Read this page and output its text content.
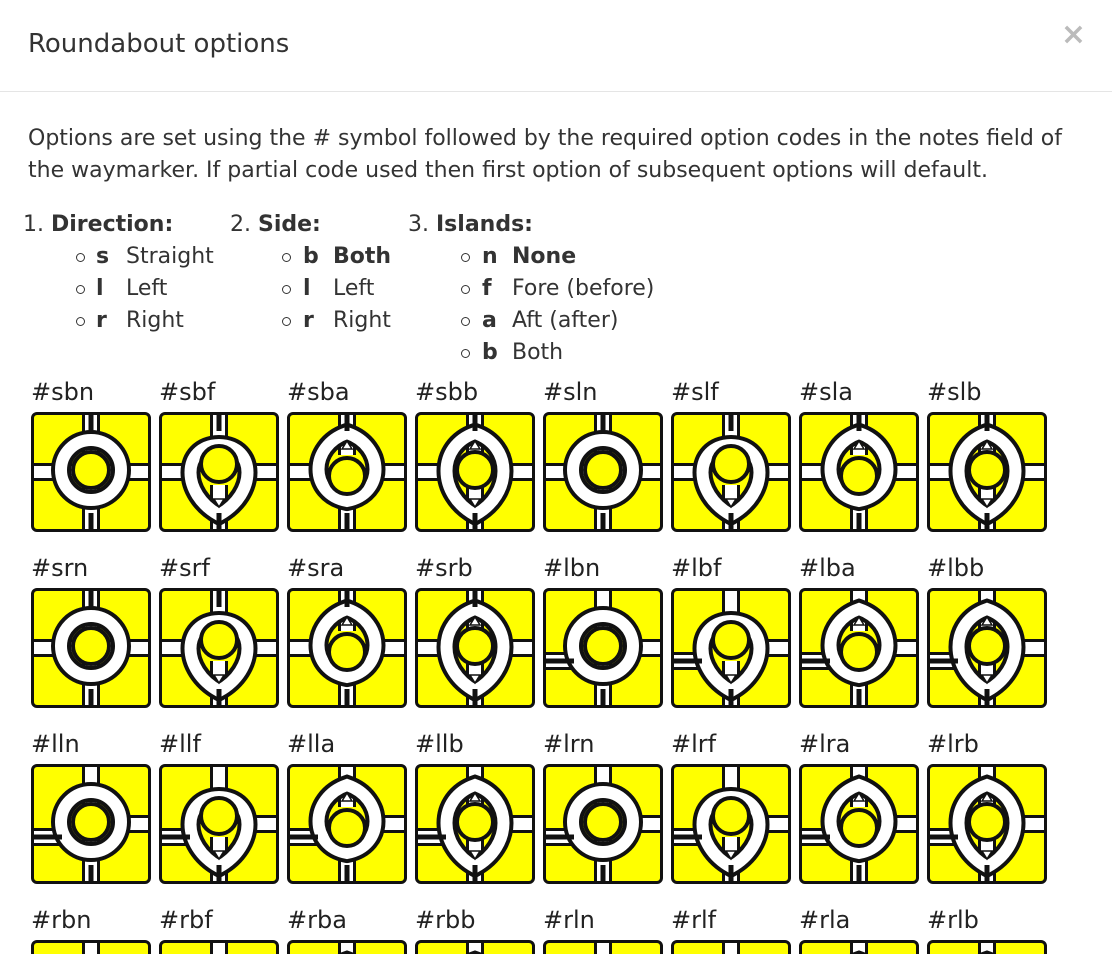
Roundabout options	×

Options are set using the # symbol followed by the required option codes in the notes field of the waymarker. If partial code used then first option of subsequent options will default.

1. Direction:
s Straight
l Left
r Right
2. Side:
b Both
l Left
r Right
3. Islands:
n None
f Fore (before)
a Aft (after)
b Both
#sbn	#sbf	#sba	#sbb	#sln	#slf	#sla	#slb
#srn	#srf	#sra	#srb	#lbn	#lbf	#lba	#lbb
#lln	#llf	#lla	#llb	#lrn	#lrf	#lra	#lrb
#rbn	#rbf	#rba	#rbb	#rln	#rlf	#rla	#rlb
